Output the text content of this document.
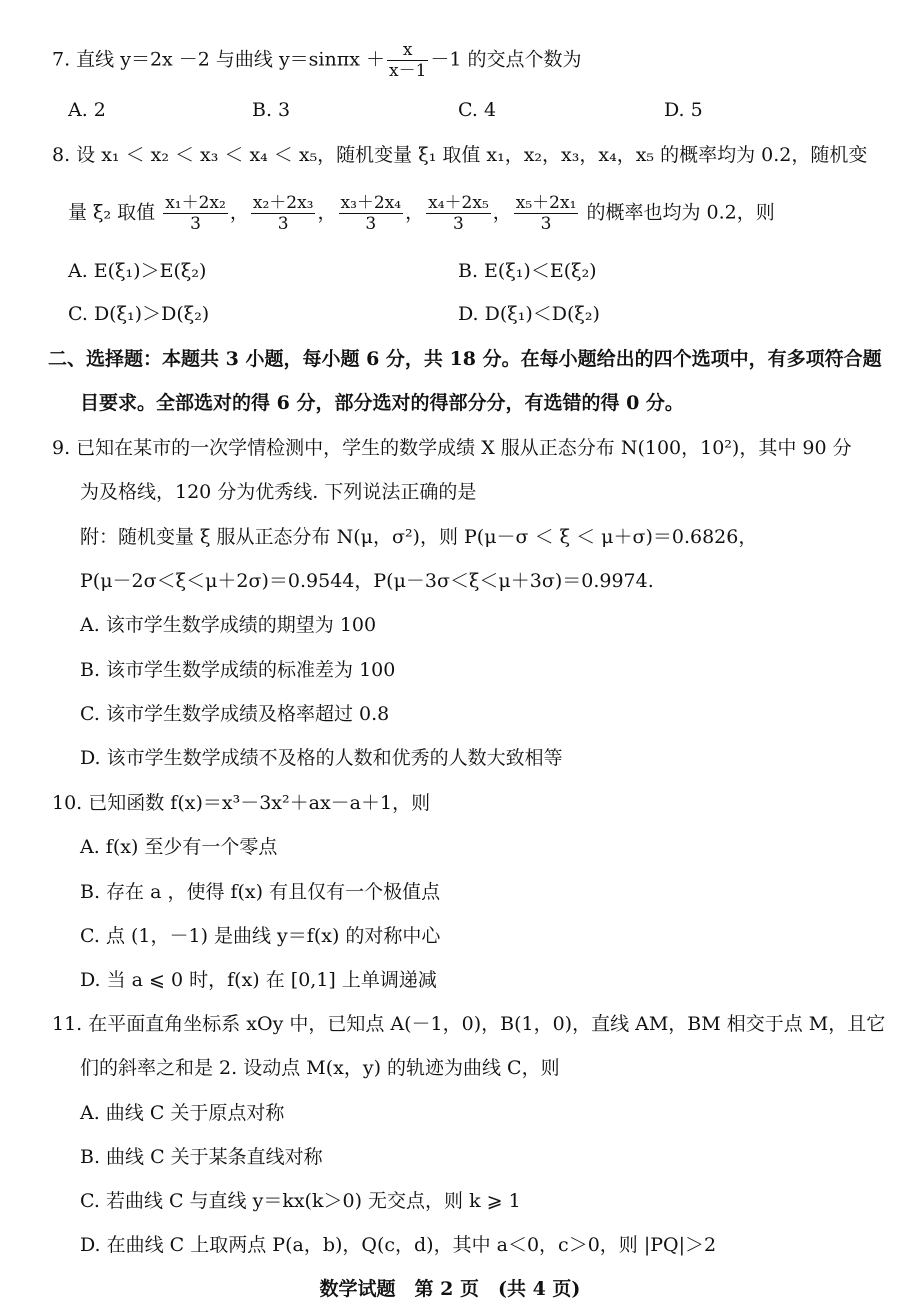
7. 直线 y＝2x －2 与曲线 $y=\sin\pi x + \frac{x}{x-1} -1$ 的交点个数为
A. 2	B. 3	C. 4	D. 5
8. 设 x₁ ＜ x₂ ＜ x₃ ＜ x₄ ＜ x₅，随机变量 ξ₁ 取值 x₁，x₂，x₃，x₄，x₅ 的概率均为 0.2，随机变
量 ξ₂ 取值 $\frac{\text{x₁＋2x₂}}{3}$ ， $\frac{\text{x₂＋2x₃}}{3}$ ， $\frac{\text{x₃＋2x₄}}{3}$ ， $\frac{\text{x₄＋2x₅}}{3}$ ， $\frac{\text{x₅＋2x₁}}{3}$ 的概率也均为 0.2，则
A. E(ξ₁)＞E(ξ₂)	B. E(ξ₁)＜E(ξ₂)
C. D(ξ₁)＞D(ξ₂)	D. D(ξ₁)＜D(ξ₂)
二、选择题：本题共 3 小题，每小题 6 分，共 18 分。在每小题给出的四个选项中，有多项符合题
目要求。全部选对的得 6 分，部分选对的得部分分，有选错的得 0 分。
9. 已知在某市的一次学情检测中，学生的数学成绩 X 服从正态分布 N(100，10²)，其中 90 分
为及格线，120 分为优秀线. 下列说法正确的是
附：随机变量 ξ 服从正态分布 N(μ，σ²)，则 P(μ－σ ＜ ξ ＜ μ＋σ)＝0.6826，
P(μ－2σ＜ξ＜μ＋2σ)＝0.9544，P(μ－3σ＜ξ＜μ＋3σ)＝0.9974.
A. 该市学生数学成绩的期望为 100
B. 该市学生数学成绩的标准差为 100
C. 该市学生数学成绩及格率超过 0.8
D. 该市学生数学成绩不及格的人数和优秀的人数大致相等
10. 已知函数 f(x)＝x³－3x²＋ax－a＋1，则
A. f(x) 至少有一个零点
B. 存在 a ，使得 f(x) 有且仅有一个极值点
C. 点 (1，－1) 是曲线 y＝f(x) 的对称中心
D. 当 a ⩽ 0 时，f(x) 在 [0,1] 上单调递减
11. 在平面直角坐标系 xOy 中，已知点 A(－1，0)，B(1，0)，直线 AM，BM 相交于点 M，且它
们的斜率之和是 2. 设动点 M(x，y) 的轨迹为曲线 C，则
A. 曲线 C 关于原点对称
B. 曲线 C 关于某条直线对称
C. 若曲线 C 与直线 y＝kx(k＞0) 无交点，则 k ⩾ 1
D. 在曲线 C 上取两点 P(a，b)，Q(c，d)，其中 a＜0，c＞0，则 |PQ|＞2
数学试题　第 2 页　(共 4 页)
